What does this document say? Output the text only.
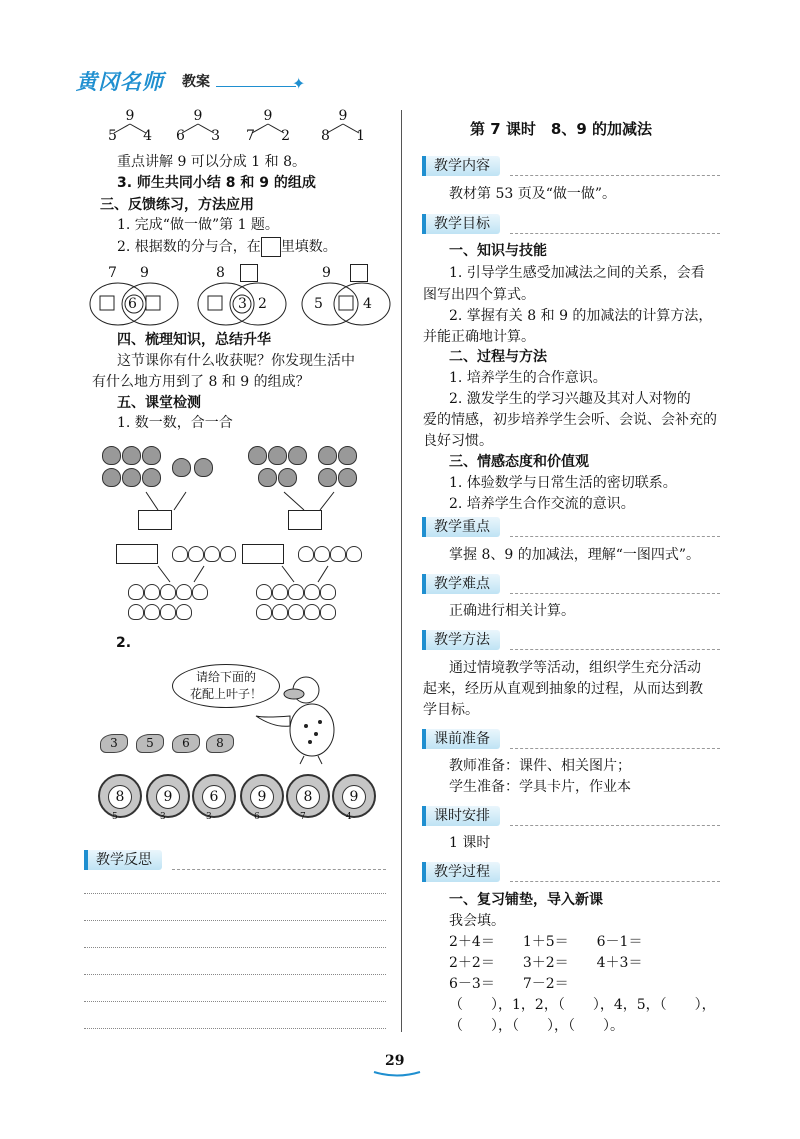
黄冈名师 教案	✦
9
5 4
9
6 3
9
7 2
9
8 1
重点讲解 9 可以分成 1 和 8。
3. 师生共同小结 8 和 9 的组成
三、反馈练习，方法应用
1. 完成“做一做”第 1 题。
2. 根据数的分与合，在 里填数。
7 9
6
8
3 2
9
5	4
四、梳理知识，总结升华
这节课你有什么收获呢？你发现生活中
有什么地方用到了 8 和 9 的组成？
五、课堂检测
1. 数一数，合一合
2.
请给下面的
花配上叶子！
3	5	6	8
8	9	6	9	8	9
5	3	3	6	7	4
教学反思
第 7 课时　8、9 的加减法
教学内容
教材第 53 页及“做一做”。
教学目标
一、知识与技能
1. 引导学生感受加减法之间的关系，会看
图写出四个算式。
2. 掌握有关 8 和 9 的加减法的计算方法，
并能正确地计算。
二、过程与方法
1. 培养学生的合作意识。
2. 激发学生的学习兴趣及其对人对物的
爱的情感，初步培养学生会听、会说、会补充的
良好习惯。
三、情感态度和价值观
1. 体验数学与日常生活的密切联系。
2. 培养学生合作交流的意识。
教学重点
掌握 8、9 的加减法，理解“一图四式”。
教学难点
正确进行相关计算。
教学方法
通过情境教学等活动，组织学生充分活动
起来，经历从直观到抽象的过程，从而达到教
学目标。
课前准备
教师准备：课件、相关图片；
学生准备：学具卡片，作业本
课时安排
1 课时
教学过程
一、复习铺垫，导入新课
我会填。
2＋4＝　　1＋5＝　　6－1＝
2＋2＝　　3＋2＝　　4＋3＝
6－3＝　　7－2＝
（　　），1，2，（　　），4，5，（　　），
（　　），（　　），（　　）。
29
